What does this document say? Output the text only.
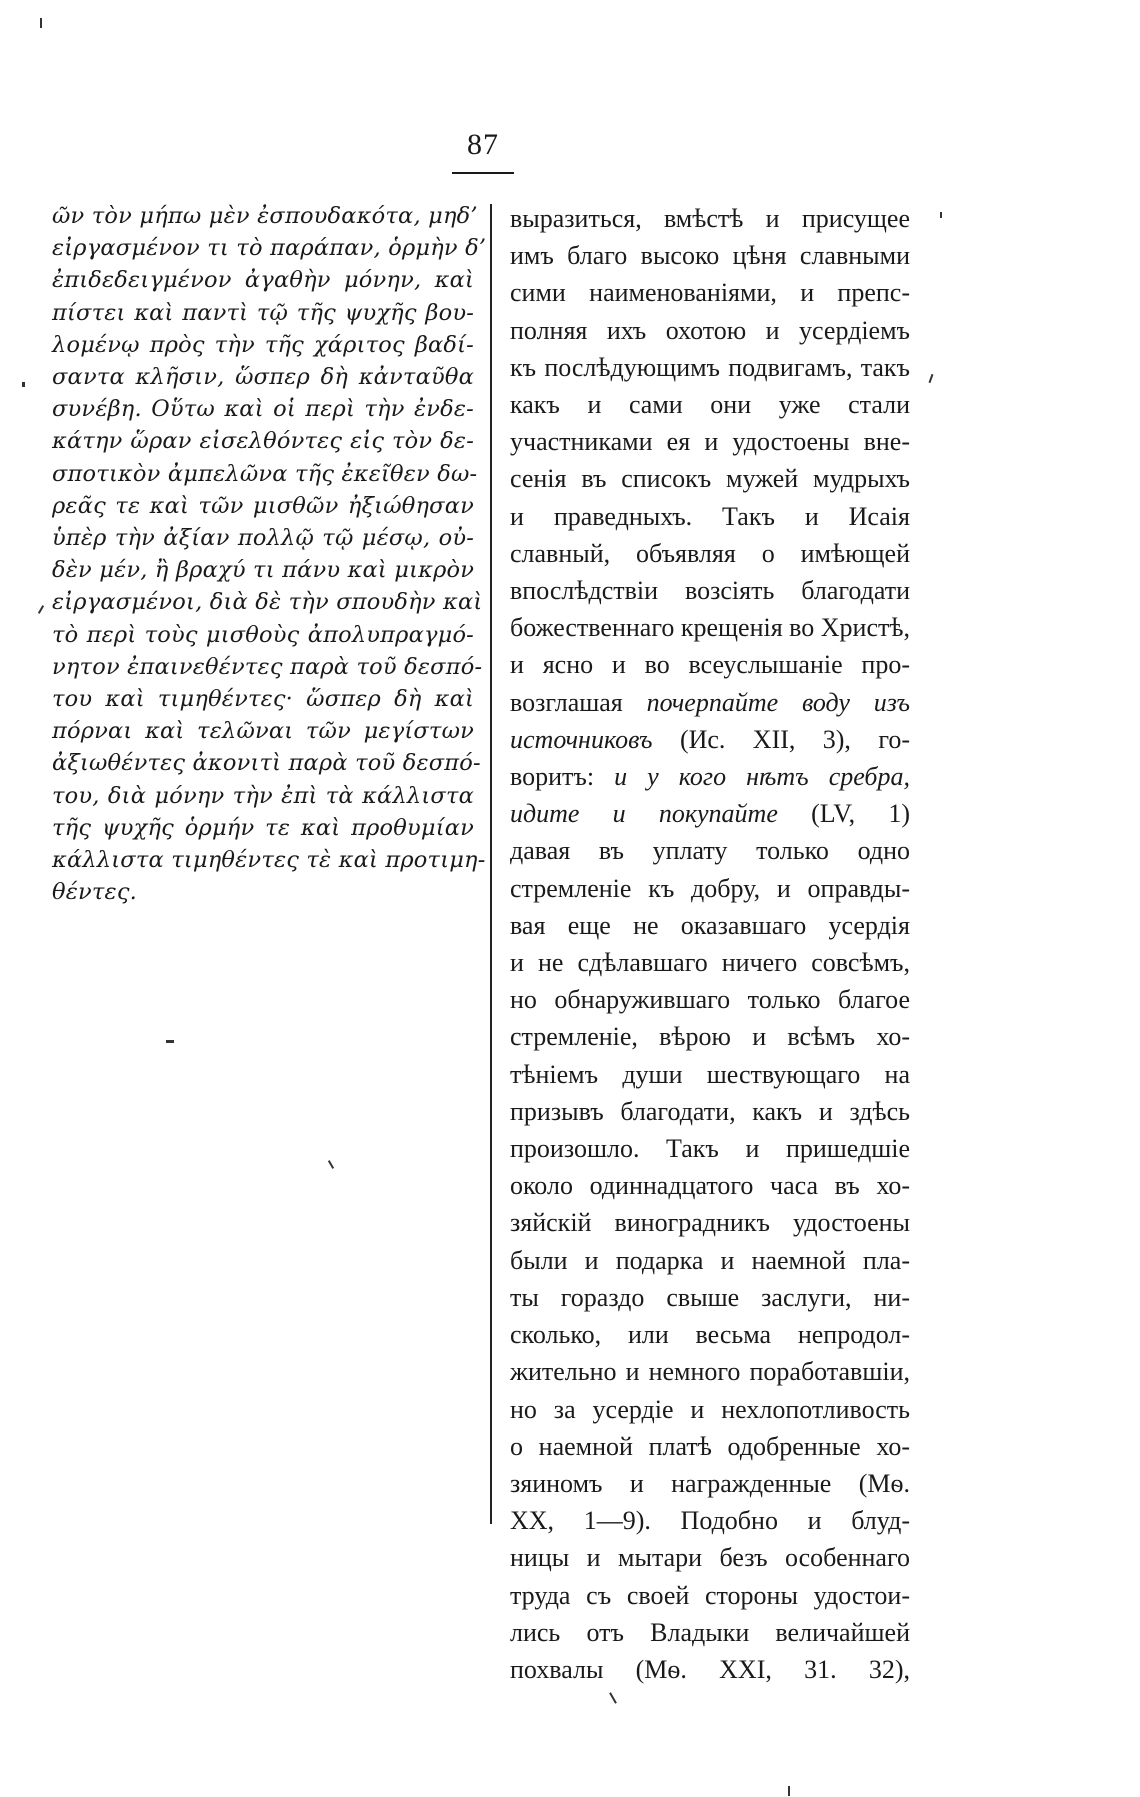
87
ῶν τὸν μήπω μὲν ἐσπουδακότα, μηδ’
εἰργασμένον τι τὸ παράπαν, ὁρμὴν δ’
ἐπιδεδειγμένον ἀγαθὴν μόνην, καὶ
πίστει καὶ παντὶ τῷ τῆς ψυχῆς βου-
λομένῳ πρὸς τὴν τῆς χάριτος βαδί-
σαντα κλῆσιν, ὥσπερ δὴ κἀνταῦθα
συνέβη. Οὕτω καὶ οἱ περὶ τὴν ἐνδε-
κάτην ὥραν εἰσελθόντες εἰς τὸν δε-
σποτικὸν ἀμπελῶνα τῆς ἐκεῖθεν δω-
ρεᾶς τε καὶ τῶν μισθῶν ἠξιώθησαν
ὑπὲρ τὴν ἀξίαν πολλῷ τῷ μέσῳ, οὐ-
δὲν μέν, ἢ βραχύ τι πάνυ καὶ μικρὸν
εἰργασμένοι, διὰ δὲ τὴν σπουδὴν καὶ
τὸ περὶ τοὺς μισθοὺς ἀπολυπραγμό-
νητον ἐπαινεθέντες παρὰ τοῦ δεσπό-
του καὶ τιμηθέντες· ὥσπερ δὴ καὶ
πόρναι καὶ τελῶναι τῶν μεγίστων
ἀξιωθέντες ἀκονιτὶ παρὰ τοῦ δεσπό-
του, διὰ μόνην τὴν ἐπὶ τὰ κάλλιστα
τῆς ψυχῆς ὁρμήν τε καὶ προθυμίαν
κάλλιστα τιμηθέντες τὲ καὶ προτιμη-
θέντες.
выразиться, вмѣстѣ и присущее
имъ благо высоко цѣня славными
сими наименованіями, и препс-
полняя ихъ охотою и усердіемъ
къ послѣдующимъ подвигамъ, такъ
какъ и сами они уже стали
участниками ея и удостоены вне-
сенія въ списокъ мужей мудрыхъ
и праведныхъ. Такъ и Исаія
славный, объявляя о имѣющей
впослѣдствіи возсіять благодати
божественнаго крещенія во Христѣ,
и ясно и во всеуслышаніе про-
возглашая почерпайте воду изъ
источниковъ (Ис. XII, 3), го-
воритъ: и у кого нѣтъ сребра,
идите и покупайте (LV, 1)
давая въ уплату только одно
стремленіе къ добру, и оправды-
вая еще не оказавшаго усердія
и не сдѣлавшаго ничего совсѣмъ,
но обнаружившаго только благое
стремленіе, вѣрою и всѣмъ хо-
тѣніемъ души шествующаго на
призывъ благодати, какъ и здѣсь
произошло. Такъ и пришедшіе
около одиннадцатого часа въ хо-
зяйскій виноградникъ удостоены
были и подарка и наемной пла-
ты гораздо свыше заслуги, ни-
сколько, или весьма непродол-
жительно и немного поработавшіи,
но за усердіе и нехлопотливость
о наемной платѣ одобренные хо-
зяиномъ и награжденные (Мѳ.
XX, 1—9). Подобно и блуд-
ницы и мытари безъ особеннаго
труда съ своей стороны удостои-
лись отъ Владыки величайшей
похвалы (Мѳ. XXI, 31. 32),
